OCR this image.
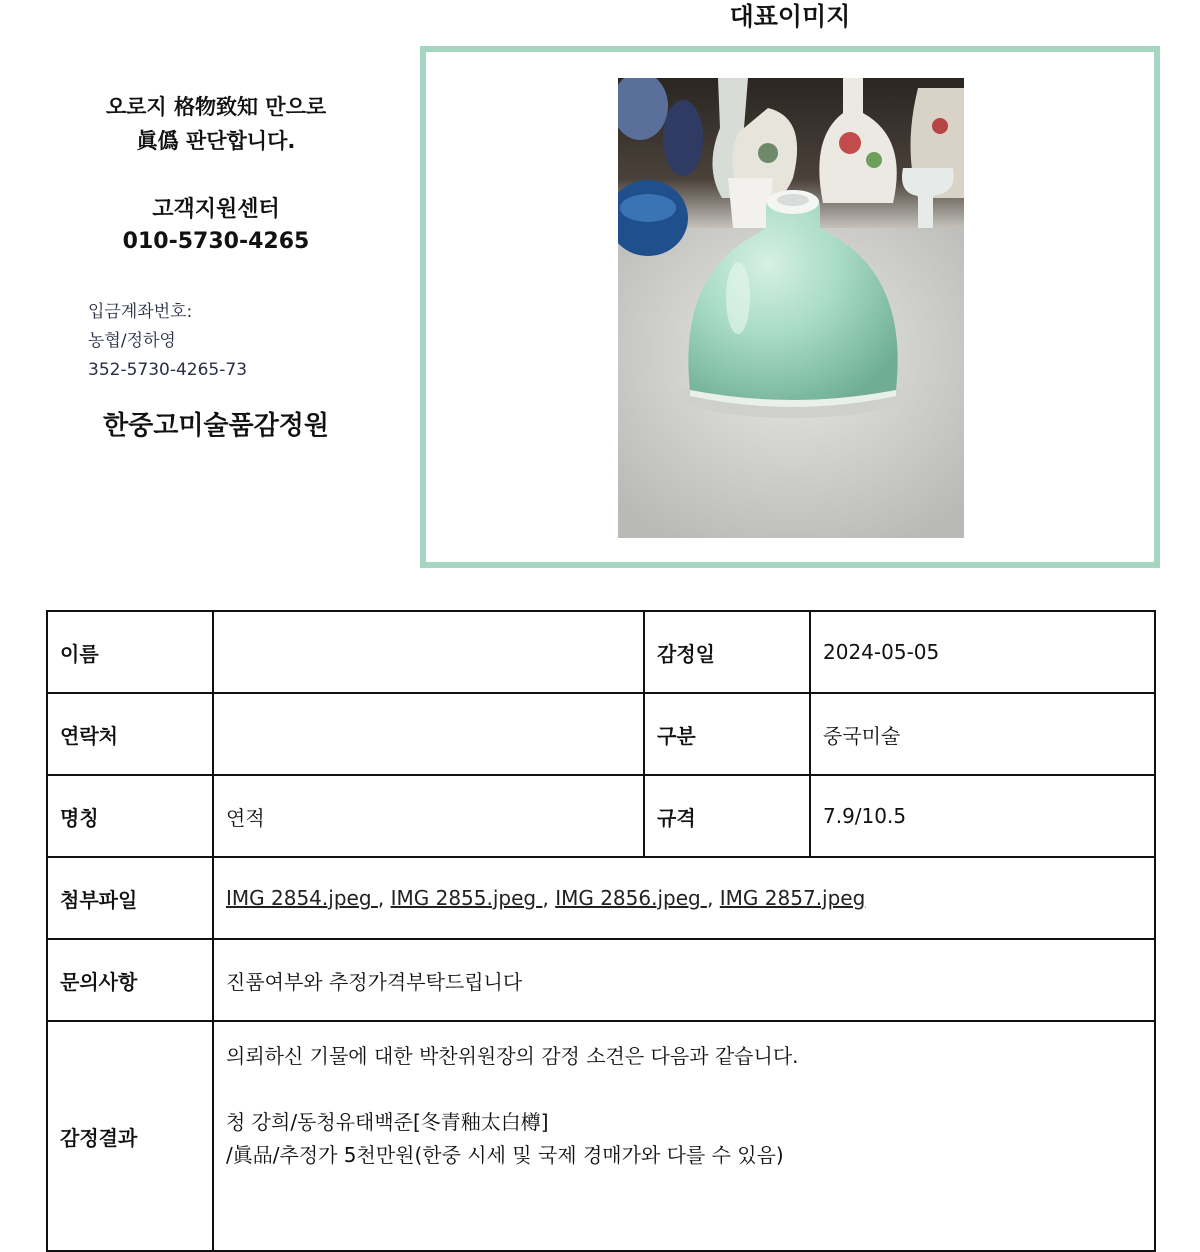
오로지 格物致知 만으로
眞僞 판단합니다.
고객지원센터
010-5730-4265
입금계좌번호:
농협/정하영
352-5730-4265-73
한중고미술품감정원
대표이미지
이름		감정일	2024-05-05
연락처		구분	중국미술
명칭	연적	규격	7.9/10.5
첨부파일	IMG 2854.jpeg , IMG 2855.jpeg , IMG 2856.jpeg , IMG 2857.jpeg		
문의사항	진품여부와 추정가격부탁드립니다		
감정결과	의뢰하신 기물에 대한 박찬위원장의 감정 소견은 다음과 같습니다.
청 강희/동청유태백준[冬青釉太白樽]
/眞品/추정가 5천만원(한중 시세 및 국제 경매가와 다를 수 있음)		
